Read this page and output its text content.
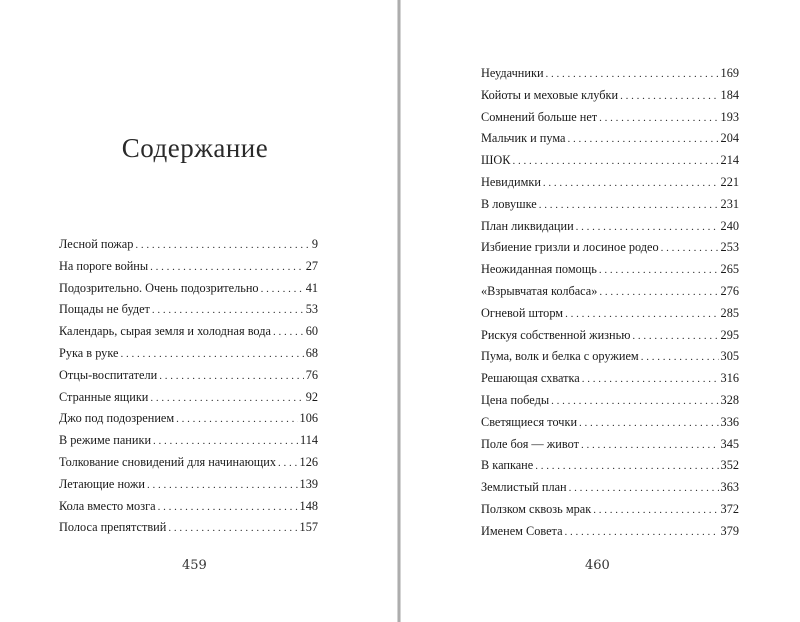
Содержание
Лесной пожар . . .	9
На пороге войны . . .	27
Подозрительно. Очень подозрительно . . .	41
Пощады не будет . . .	53
Календарь, сырая земля и холодная вода . . .	60
Рука в руке . . .	68
Отцы-воспитатели . . .	76
Странные ящики . . .	92
Джо под подозрением . . .	106
В режиме паники . . .	114
Толкование сновидений для начинающих . . . 126
Летающие ножи . . .	139
Кола вместо мозга . . .	148
Полоса препятствий . . .	157
459
Неудачники . . .	169
Койоты и меховые клубки . . .	184
Сомнений больше нет . . .	193
Мальчик и пума . . .	204
ШОК . . .	214
Невидимки . . .	221
В ловушке . . .	231
План ликвидации . . .	240
Избиение гризли и лосиное родео . . .	253
Неожиданная помощь . . .	265
«Взрывчатая колбаса» . . .	276
Огневой шторм . . .	285
Рискуя собственной жизнью . . .	295
Пума, волк и белка с оружием . . .	305
Решающая схватка . . .	316
Цена победы . . .	328
Светящиеся точки . . .	336
Поле боя — живот . . .	345
В капкане . . .	352
Землистый план . . .	363
Ползком сквозь мрак . . .	372
Именем Совета . . .	379
460
